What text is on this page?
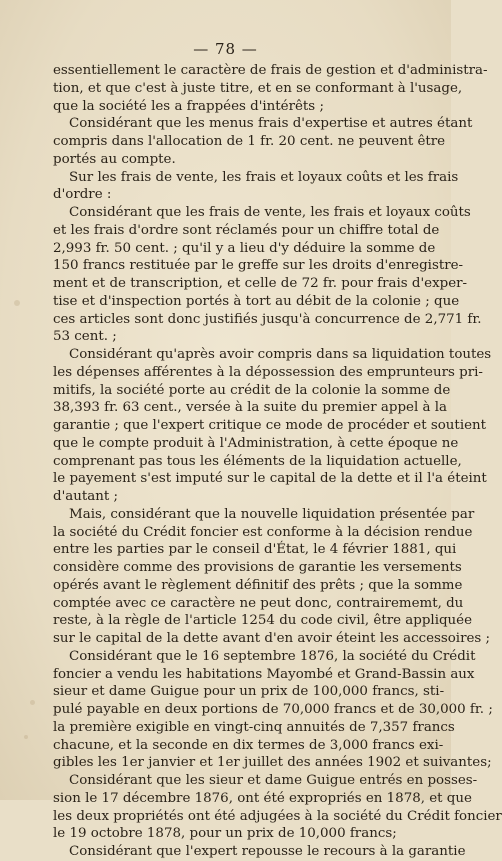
— 78 —
essentiellement le caractère de frais de gestion et d'administra-
tion, et que c'est à juste titre, et en se conformant à l'usage,
que la société les a frappées d'intérêts ;
Considérant que les menus frais d'expertise et autres étant
compris dans l'allocation de 1 fr. 20 cent. ne peuvent être
portés au compte.
Sur les frais de vente, les frais et loyaux coûts et les frais
d'ordre :
Considérant que les frais de vente, les frais et loyaux coûts
et les frais d'ordre sont réclamés pour un chiffre total de
2,993 fr. 50 cent. ; qu'il y a lieu d'y déduire la somme de
150 francs restituée par le greffe sur les droits d'enregistre-
ment et de transcription, et celle de 72 fr. pour frais d'exper-
tise et d'inspection portés à tort au débit de la colonie ; que
ces articles sont donc justifiés jusqu'à concurrence de 2,771 fr.
53 cent. ;
Considérant qu'après avoir compris dans sa liquidation toutes
les dépenses afférentes à la dépossession des emprunteurs pri-
mitifs, la société porte au crédit de la colonie la somme de
38,393 fr. 63 cent., versée à la suite du premier appel à la
garantie ; que l'expert critique ce mode de procéder et soutient
que le compte produit à l'Administration, à cette époque ne
comprenant pas tous les éléments de la liquidation actuelle,
le payement s'est imputé sur le capital de la dette et il l'a éteint
d'autant ;
Mais, considérant que la nouvelle liquidation présentée par
la société du Crédit foncier est conforme à la décision rendue
entre les parties par le conseil d'État, le 4 février 1881, qui
considère comme des provisions de garantie les versements
opérés avant le règlement définitif des prêts ; que la somme
comptée avec ce caractère ne peut donc, contrairememt, du
reste, à la règle de l'article 1254 du code civil, être appliquée
sur le capital de la dette avant d'en avoir éteint les accessoires ;
Considérant que le 16 septembre 1876, la société du Crédit
foncier a vendu les habitations Mayombé et Grand-Bassin aux
sieur et dame Guigue pour un prix de 100,000 francs, sti-
pulé payable en deux portions de 70,000 francs et de 30,000 fr. ;
la première exigible en vingt-cinq annuités de 7,357 francs
chacune, et la seconde en dix termes de 3,000 francs exi-
gibles les 1er janvier et 1er juillet des années 1902 et suivantes;
Considérant que les sieur et dame Guigue entrés en posses-
sion le 17 décembre 1876, ont été expropriés en 1878, et que
les deux propriétés ont été adjugées à la société du Crédit foncier
le 19 octobre 1878, pour un prix de 10,000 francs;
Considérant que l'expert repousse le recours à la garantie
